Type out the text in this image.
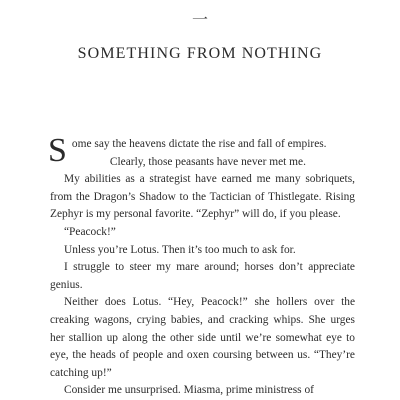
一
SOMETHING FROM NOTHING

Some say the heavens dictate the rise and fall of empires.

Clearly, those peasants have never met me.

My abilities as a strategist have earned me many sobriquets, from the Dragon’s Shadow to the Tactician of Thistlegate. Rising Zephyr is my personal favorite. “Zephyr” will do, if you please.

“Peacock!”

Unless you’re Lotus. Then it’s too much to ask for.

I struggle to steer my mare around; horses don’t appreciate genius.

Neither does Lotus. “Hey, Peacock!” she hollers over the creaking wagons, crying babies, and cracking whips. She urges her stallion up along the other side until we’re somewhat eye to eye, the heads of people and oxen coursing between us. “They’re catching up!”

Consider me unsurprised. Miasma, prime ministress of
